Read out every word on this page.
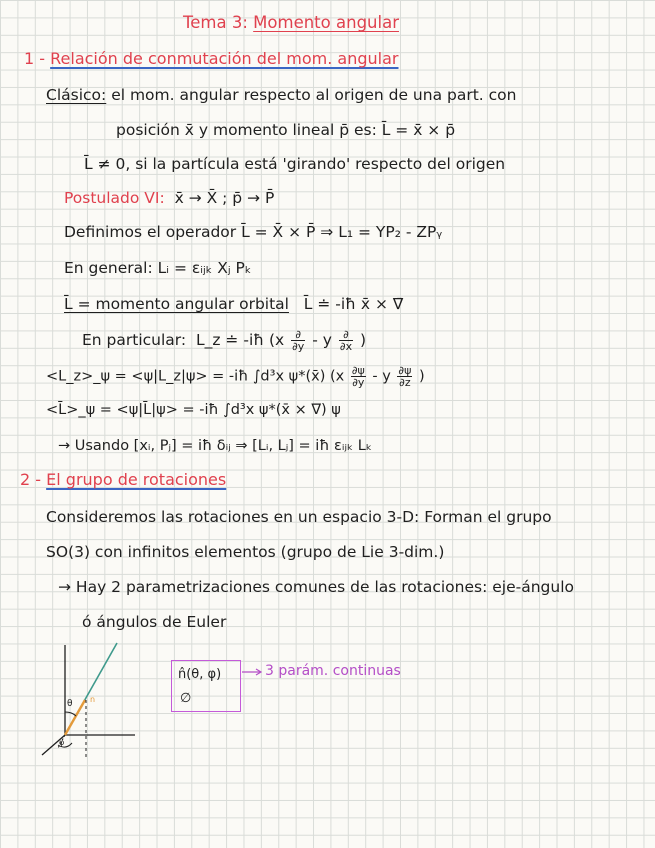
Tema 3: Momento angular
1 - Relación de conmutación del mom. angular
Clásico: el mom. angular respecto al origen de una part. con
posición x̄ y momento lineal p̄ es: L̄ = x̄ × p̄
L̄ ≠ 0, si la partícula está 'girando' respecto del origen
Postulado VI: x̄ → X̄ ; p̄ → P̄
Definimos el operador L̄ = X̄ × P̄ ⇒ L₁ = YP₂ - ZPᵧ
En general: Lᵢ = εᵢⱼₖ Xⱼ Pₖ
L̄ = momento angular orbital L̄ ≐ -iħ x̄ × ∇̄
En particular: L_z ≐ -iħ ($x \frac{\partial}{\partial y}$ - y $\frac{\partial}{\partial x}$ )
<L_z>_ψ = <ψ|L_z|ψ> = -iħ ∫d³x ψ*(x̄) ($x \frac{\partial\psi}{\partial y}$ - y $\frac{\partial\psi}{\partial z}$ )
<L̄>_ψ = <ψ|L̄|ψ> = -iħ ∫d³x ψ*(x̄ × ∇) ψ
→ Usando [xᵢ, Pⱼ] = iħ δᵢⱼ ⇒ [Lᵢ, Lⱼ] = iħ εᵢⱼₖ Lₖ
2 - El grupo de rotaciones
Consideremos las rotaciones en un espacio 3-D: Forman el grupo
SO(3) con infinitos elementos (grupo de Lie 3-dim.)
→ Hay 2 parametrizaciones comunes de las rotaciones: eje-ángulo
ó ángulos de Euler
θ n
φ
n̂(θ, φ)
∅
3 parám. continuas
